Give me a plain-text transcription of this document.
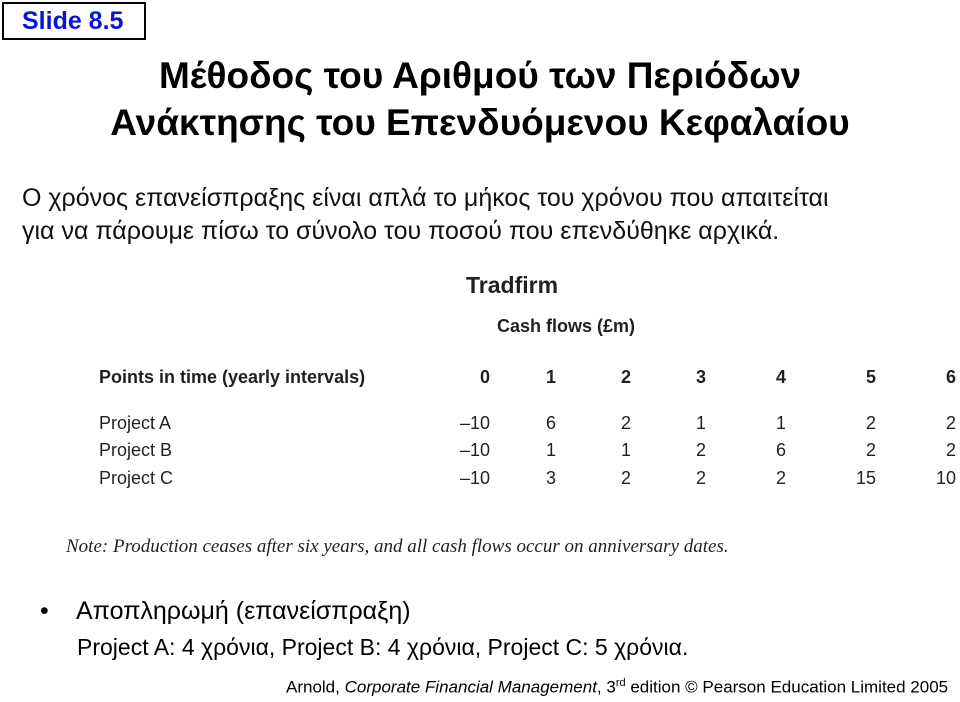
Slide 8.5
Μέθοδος του Αριθμού των Περιόδων
Ανάκτησης του Επενδυόμενου Κεφαλαίου
Ο χρόνος επανείσπραξης είναι απλά το μήκος του χρόνου που απαιτείται
για να πάρουμε πίσω το σύνολο του ποσού που επενδύθηκε αρχικά.
Tradfirm
Cash flows (£m)
Points in time (yearly intervals)	0	1	2	3	4	5	6
Project A	–10	6	2	1	1	2	2
Project B	–10	1	1	2	6	2	2
Project C	–10	3	2	2	2	15	10
Note: Production ceases after six years, and all cash flows occur on anniversary dates.
• Αποπληρωμή (επανείσπραξη)
Project A: 4 χρόνια, Project B: 4 χρόνια, Project C: 5 χρόνια.
Arnold, Corporate Financial Management, 3rd edition © Pearson Education Limited 2005
